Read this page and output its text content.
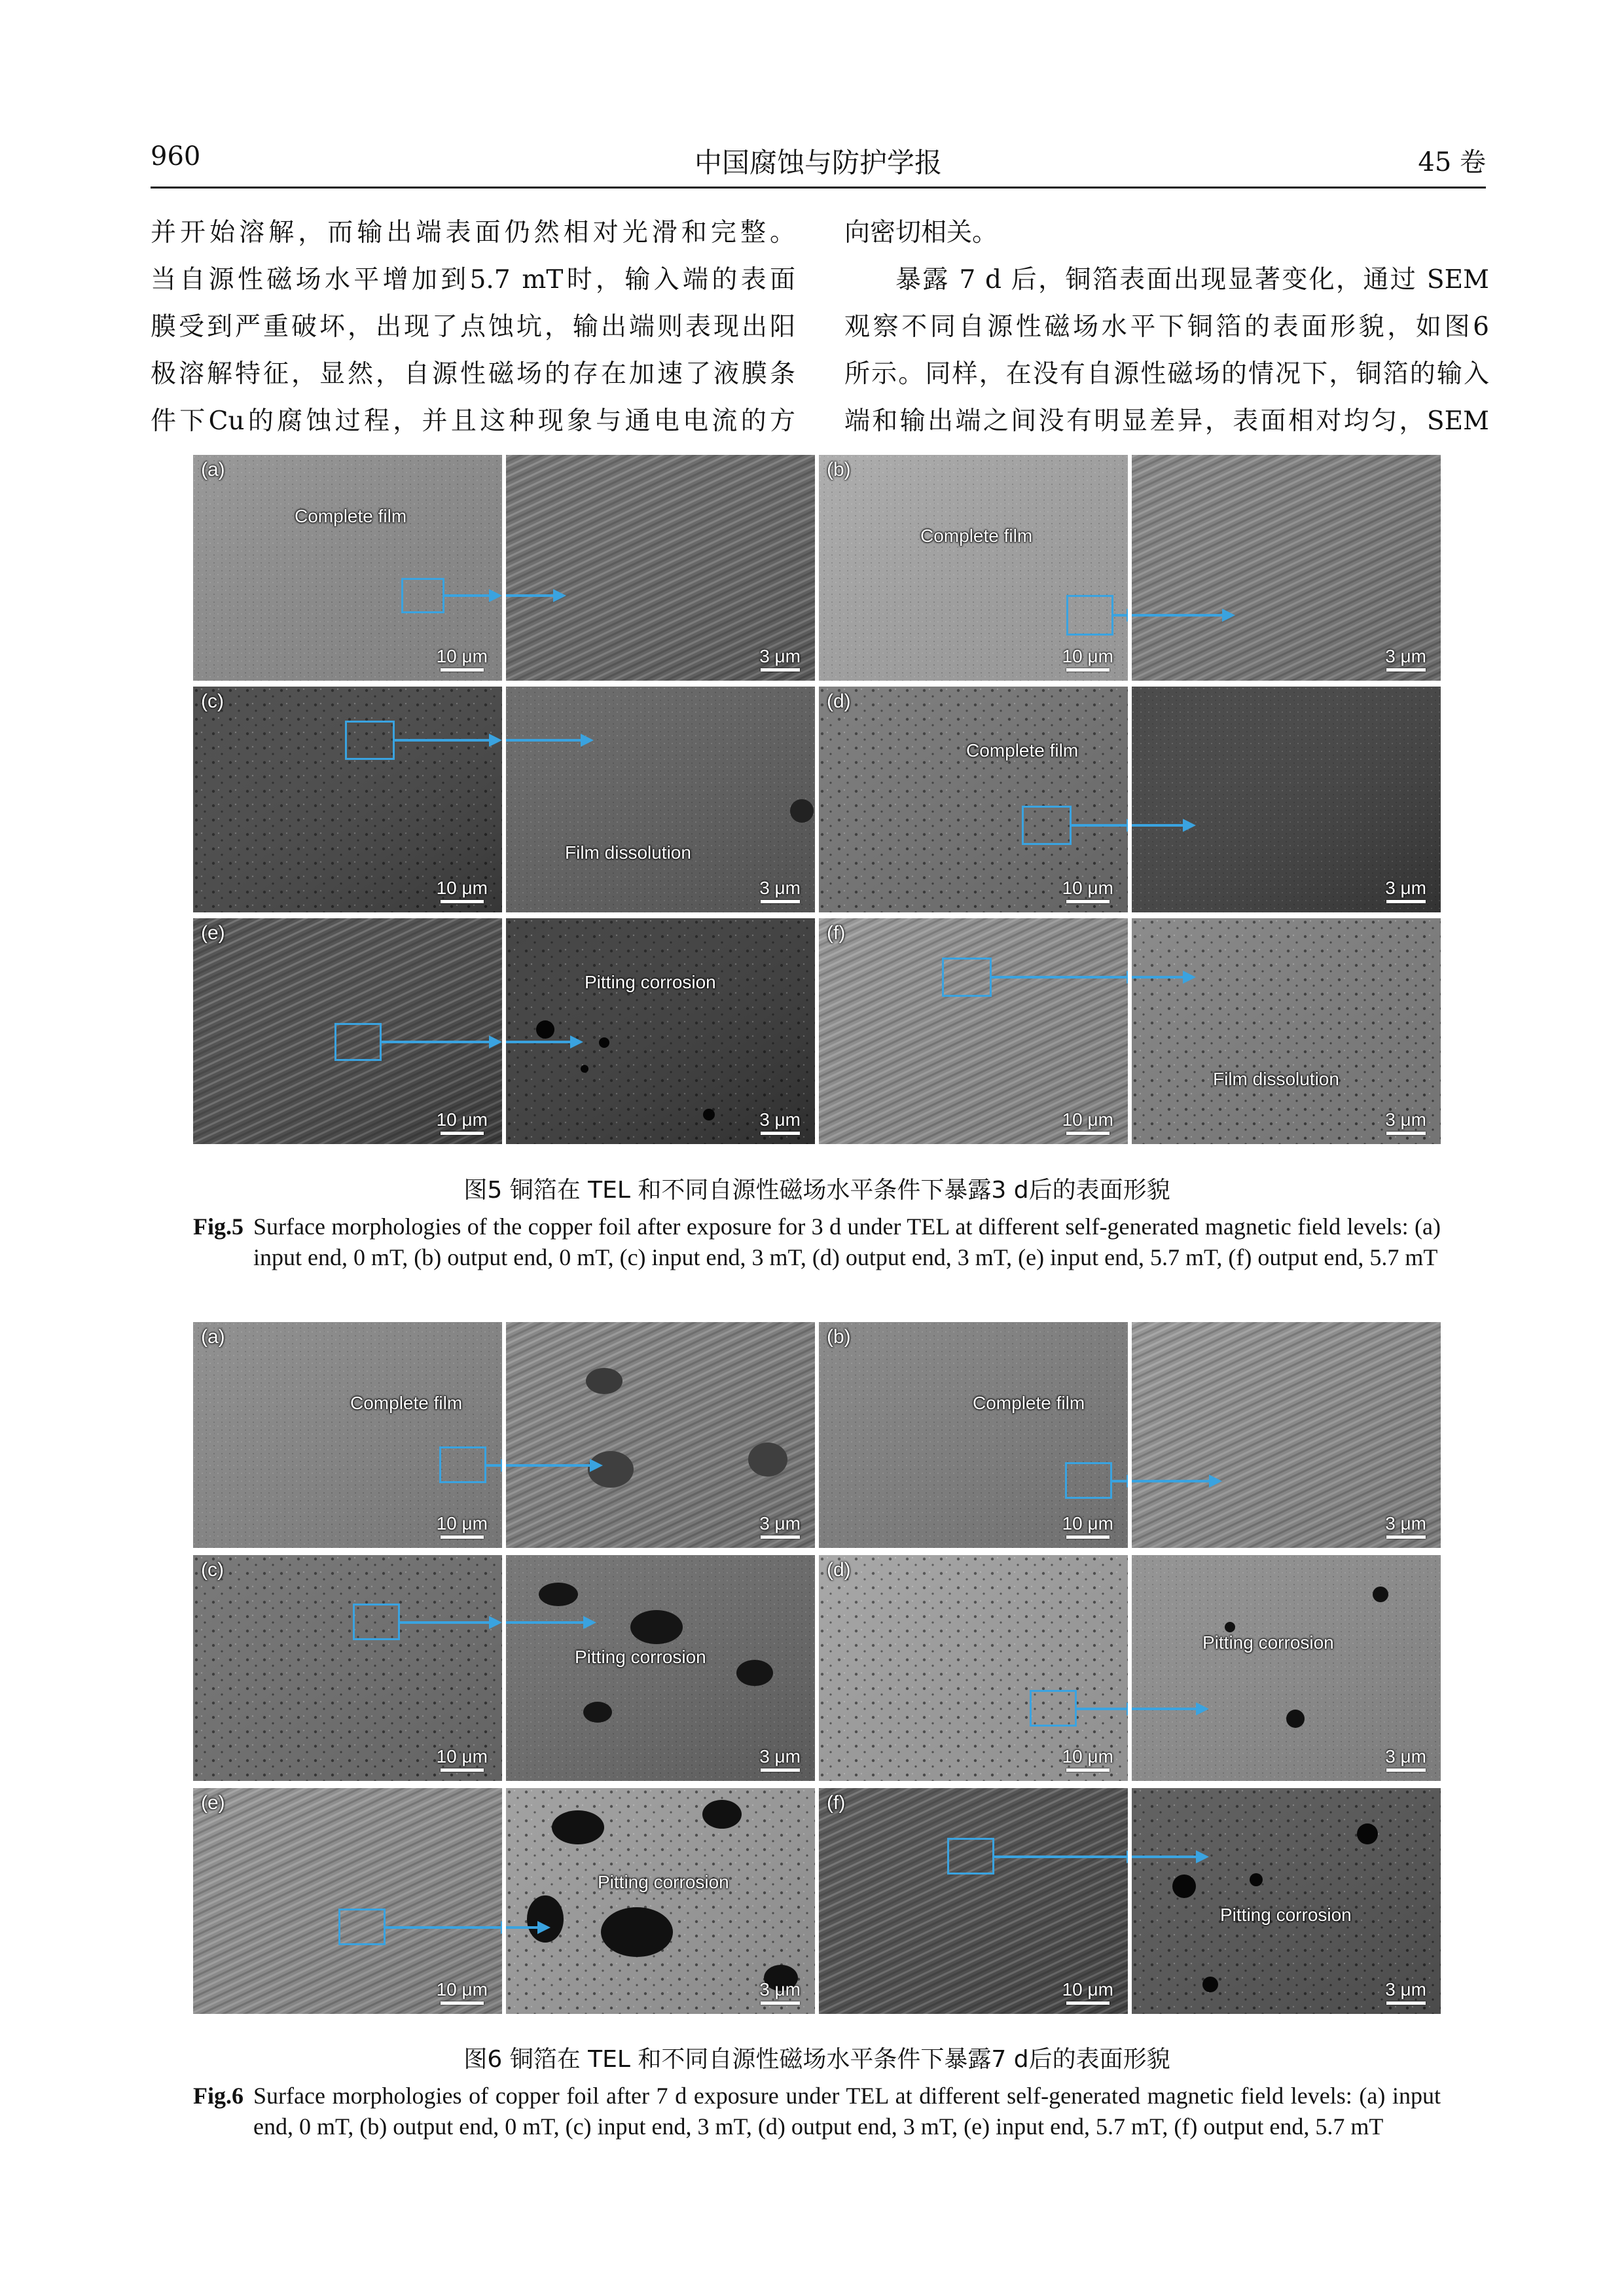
960	中国腐蚀与防护学报	45 卷

并开始溶解，而输出端表面仍然相对光滑和完整。

当自源性磁场水平增加到5.7 mT时，输入端的表面

膜受到严重破坏，出现了点蚀坑，输出端则表现出阳

极溶解特征，显然，自源性磁场的存在加速了液膜条

件下Cu的腐蚀过程，并且这种现象与通电电流的方

向密切相关。

暴露 7 d 后，铜箔表面出现显著变化，通过 SEM

观察不同自源性磁场水平下铜箔的表面形貌，如图6

所示。同样，在没有自源性磁场的情况下，铜箔的输入

端和输出端之间没有明显差异，表面相对均匀，SEM

(a)
Complete film
10 μm	3 μm
(c)
10 μm
Film dissolution
3 μm
(e)
10 μm
Pitting corrosion
3 μm
(b)
Complete film
10 μm	3 μm
(d)
Complete film
10 μm	3 μm
(f)
10 μm
Film dissolution
3 μm
图5 铜箔在 TEL 和不同自源性磁场水平条件下暴露3 d后的表面形貌
Fig.5 Surface morphologies of the copper foil after exposure for 3 d under TEL at different self-generated magnetic field levels: (a) input end, 0 mT, (b) output end, 0 mT, (c) input end, 3 mT, (d) output end, 3 mT, (e) input end, 5.7 mT, (f) output end, 5.7 mT
(a)
Complete film
10 μm	3 μm
(c)
10 μm
Pitting corrosion
3 μm
(e)
10 μm
Pitting corrosion
3 μm
(b)
Complete film
10 μm	3 μm
(d)
10 μm
Pitting corrosion
3 μm
(f)
10 μm
Pitting corrosion
3 μm
图6 铜箔在 TEL 和不同自源性磁场水平条件下暴露7 d后的表面形貌
Fig.6 Surface morphologies of copper foil after 7 d exposure under TEL at different self-generated magnetic field levels: (a) input end, 0 mT, (b) output end, 0 mT, (c) input end, 3 mT, (d) output end, 3 mT, (e) input end, 5.7 mT, (f) output end, 5.7 mT
